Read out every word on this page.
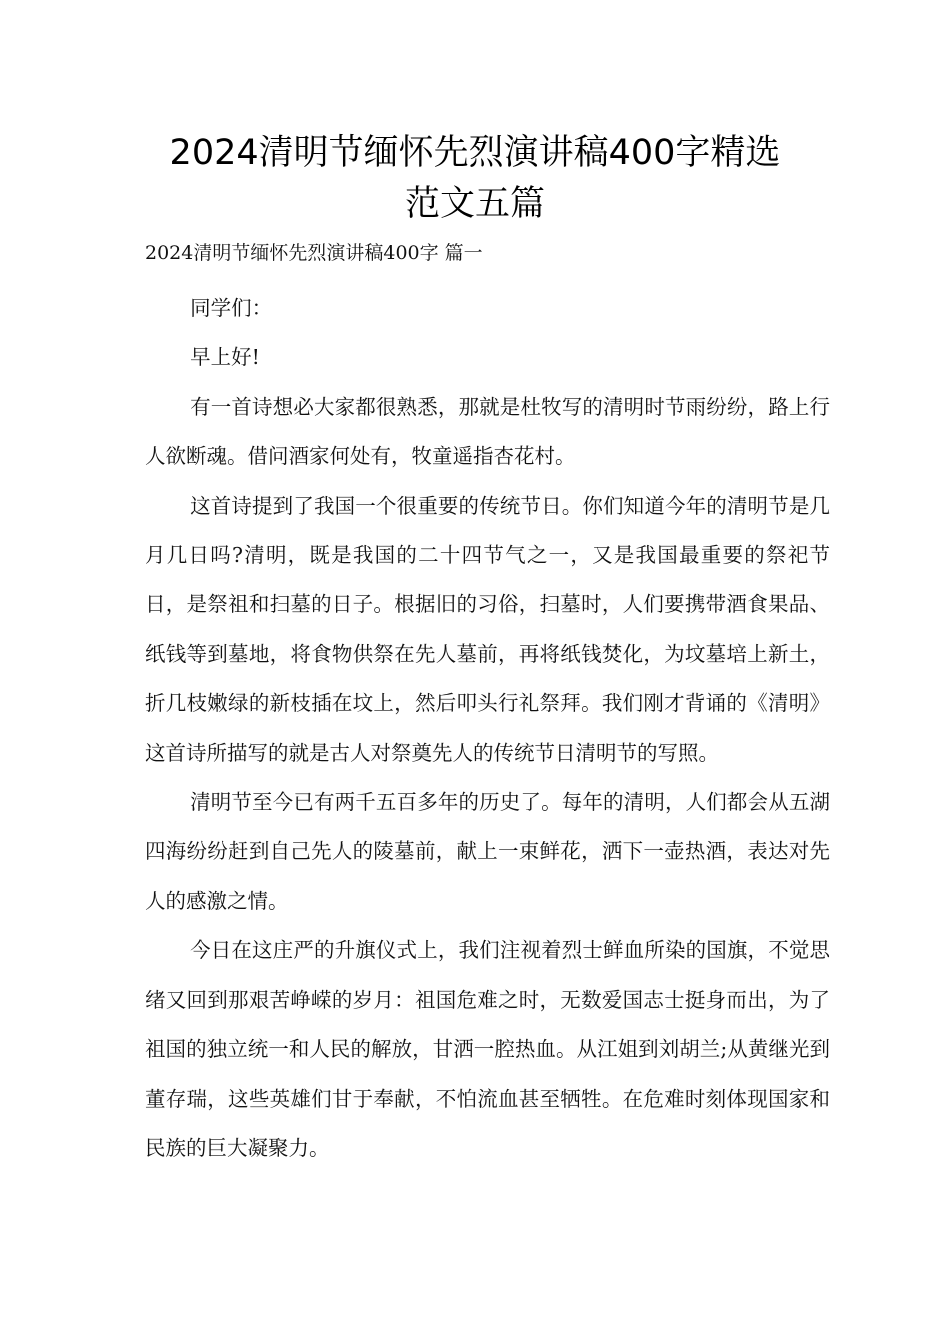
2024清明节缅怀先烈演讲稿400字精选
范文五篇

2024清明节缅怀先烈演讲稿400字 篇一

同学们：

早上好!

有一首诗想必大家都很熟悉，那就是杜牧写的清明时节雨纷纷，路上行人欲断魂。借问酒家何处有，牧童遥指杏花村。

这首诗提到了我国一个很重要的传统节日。你们知道今年的清明节是几月几日吗?清明，既是我国的二十四节气之一，又是我国最重要的祭祀节日，是祭祖和扫墓的日子。根据旧的习俗，扫墓时，人们要携带酒食果品、纸钱等到墓地，将食物供祭在先人墓前，再将纸钱焚化，为坟墓培上新土，折几枝嫩绿的新枝插在坟上，然后叩头行礼祭拜。我们刚才背诵的《清明》这首诗所描写的就是古人对祭奠先人的传统节日清明节的写照。

清明节至今已有两千五百多年的历史了。每年的清明，人们都会从五湖四海纷纷赶到自己先人的陵墓前，献上一束鲜花，洒下一壶热酒，表达对先人的感激之情。

今日在这庄严的升旗仪式上，我们注视着烈士鲜血所染的国旗，不觉思绪又回到那艰苦峥嵘的岁月：祖国危难之时，无数爱国志士挺身而出，为了祖国的独立统一和人民的解放，甘洒一腔热血。从江姐到刘胡兰;从黄继光到董存瑞，这些英雄们甘于奉献，不怕流血甚至牺牲。在危难时刻体现国家和民族的巨大凝聚力。
